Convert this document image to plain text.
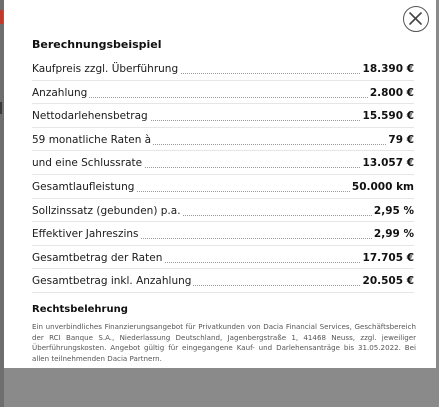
Berechnungsbeispiel
Kaufpreis zzgl. Überführung	18.390 €
Anzahlung	2.800 €
Nettodarlehensbetrag	15.590 €
59 monatliche Raten à	79 €
und eine Schlussrate	13.057 €
Gesamtlaufleistung	50.000 km
Sollzinssatz (gebunden) p.a.	2,95 %
Effektiver Jahreszins	2,99 %
Gesamtbetrag der Raten	17.705 €
Gesamtbetrag inkl. Anzahlung	20.505 €
Rechtsbelehrung
Ein unverbindliches Finanzierungsangebot für Privatkunden von Dacia Financial Services, Geschäftsbereich der RCI Banque S.A., Niederlassung Deutschland, Jagenbergstraße 1, 41468 Neuss, zzgl. jeweiliger Überführungskosten. Angebot gültig für eingegangene Kauf- und Darlehensanträge bis 31.05.2022. Bei allen teilnehmenden Dacia Partnern.
